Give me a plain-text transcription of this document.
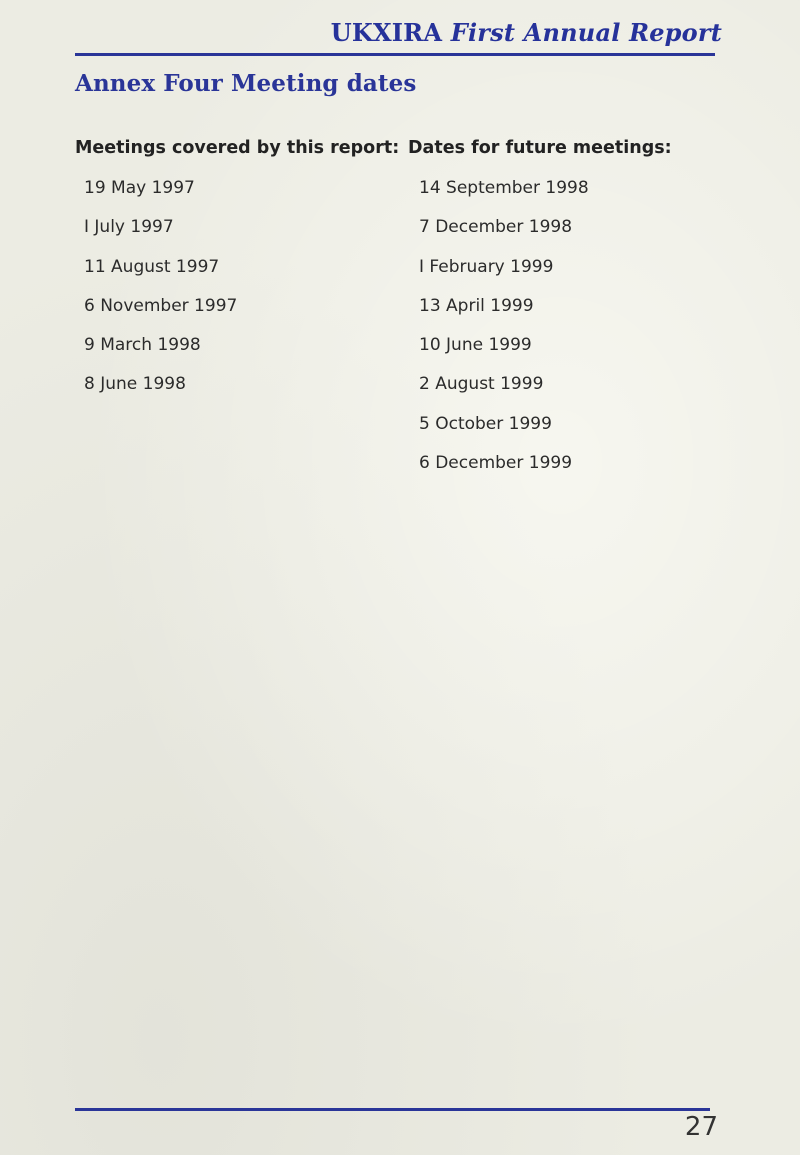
UKXIRA First Annual Report
Annex Four Meeting dates

Meetings covered by this report:

19 May 1997
I July 1997
11 August 1997
6 November 1997
9 March 1998
8 June 1998

Dates for future meetings:

14 September 1998
7 December 1998
I February 1999
13 April 1999
10 June 1999
2 August 1999
5 October 1999
6 December 1999
27
